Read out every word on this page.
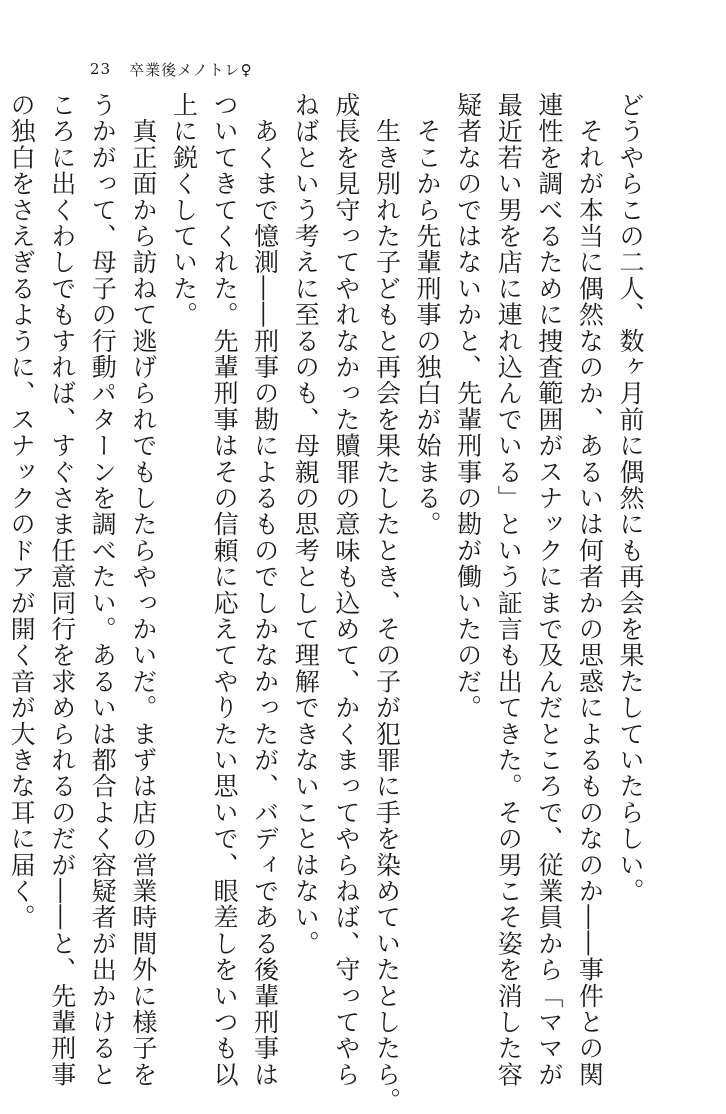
23 卒業後メノトレ♀

どうやらこの二人、数ヶ月前に偶然にも再会を果たしていたらしい。

　それが本当に偶然なのか、あるいは何者かの思惑によるものなのか――事件との関

連性を調べるために捜査範囲がスナックにまで及んだところで、従業員から「ママが

最近若い男を店に連れ込んでいる」という証言も出てきた。その男こそ姿を消した容

疑者なのではないかと、先輩刑事の勘が働いたのだ。

　そこから先輩刑事の独白が始まる。

　生き別れた子どもと再会を果たしたとき、その子が犯罪に手を染めていたとしたら。

成長を見守ってやれなかった贖罪の意味も込めて、かくまってやらねば、守ってやら

ねばという考えに至るのも、母親の思考として理解できないことはない。

　あくまで憶測――刑事の勘によるものでしかなかったが、バディである後輩刑事は

ついてきてくれた。先輩刑事はその信頼に応えてやりたい思いで、眼差しをいつも以

上に鋭くしていた。

　真正面から訪ねて逃げられでもしたらやっかいだ。まずは店の営業時間外に様子を

うかがって、母子の行動パターンを調べたい。あるいは都合よく容疑者が出かけると

ころに出くわしでもすれば、すぐさま任意同行を求められるのだが――と、先輩刑事

の独白をさえぎるように、スナックのドアが開く音が大きな耳に届く。
